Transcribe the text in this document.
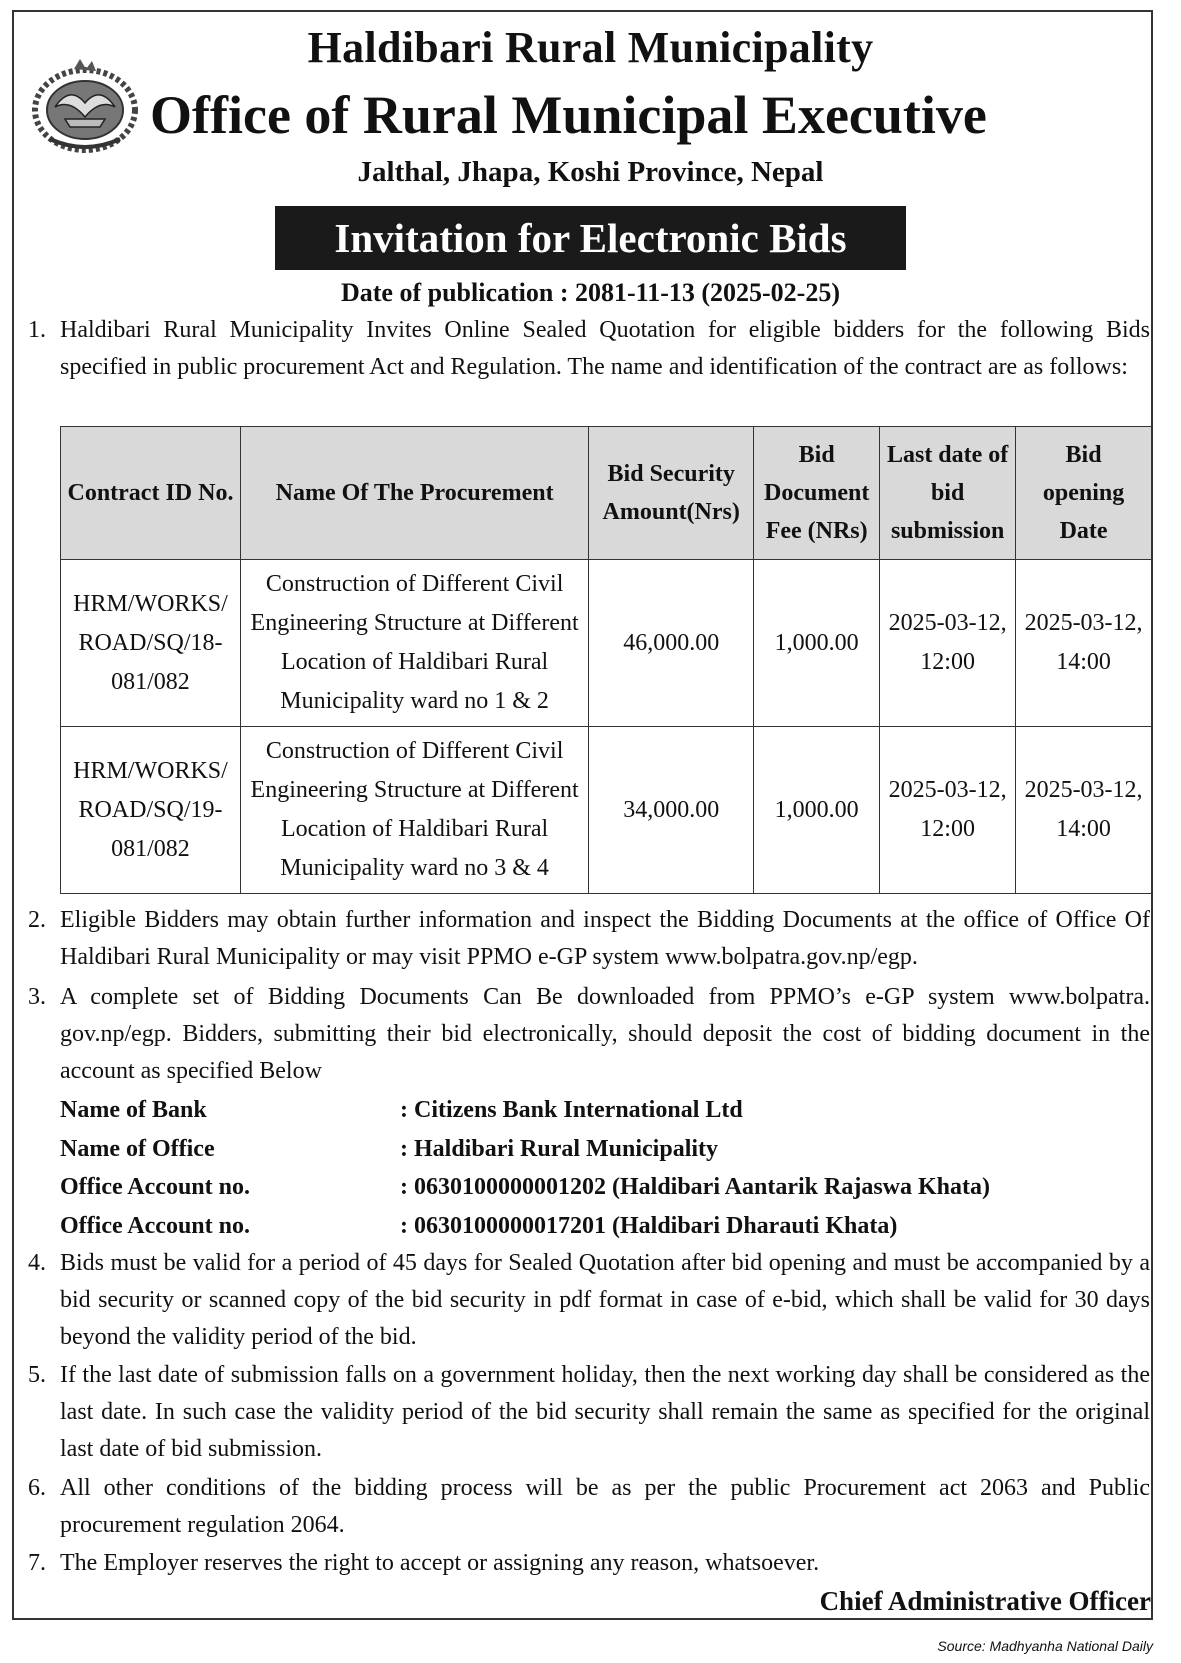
Haldibari Rural Municipality
Office of Rural Municipal Executive
Jalthal, Jhapa, Koshi Province, Nepal
Invitation for Electronic Bids
Date of publication : 2081-11-13 (2025-02-25)
1. Haldibari Rural Municipality Invites Online Sealed Quotation for eligible bidders for the following Bids specified in public procurement Act and Regulation. The name and identification of the contract are as follows:
Contract ID No.	Name Of The Procurement	Bid Security Amount(Nrs)	Bid Document Fee (NRs)	Last date of bid submission	Bid opening Date
HRM/WORKS/ ROAD/SQ/18- 081/082	Construction of Different Civil Engineering Structure at Different Location of Haldibari Rural Municipality ward no 1 & 2	46,000.00	1,000.00	2025-03-12, 12:00	2025-03-12, 14:00
HRM/WORKS/ ROAD/SQ/19- 081/082	Construction of Different Civil Engineering Structure at Different Location of Haldibari Rural Municipality ward no 3 & 4	34,000.00	1,000.00	2025-03-12, 12:00	2025-03-12, 14:00
2. Eligible Bidders may obtain further information and inspect the Bidding Documents at the office of Office Of Haldibari Rural Municipality or may visit PPMO e-GP system www.bolpatra.gov.np/egp.
3. A complete set of Bidding Documents Can Be downloaded from PPMO’s e-GP system www.bolpatra. gov.np/egp. Bidders, submitting their bid electronically, should deposit the cost of bidding document in the account as specified Below
Name of Bank	: Citizens Bank International Ltd
Name of Office	: Haldibari Rural Municipality
Office Account no.	: 0630100000001202 (Haldibari Aantarik Rajaswa Khata)
Office Account no.	: 0630100000017201 (Haldibari Dharauti Khata)
4. Bids must be valid for a period of 45 days for Sealed Quotation after bid opening and must be accompanied by a bid security or scanned copy of the bid security in pdf format in case of e-bid, which shall be valid for 30 days beyond the validity period of the bid.
5. If the last date of submission falls on a government holiday, then the next working day shall be considered as the last date. In such case the validity period of the bid security shall remain the same as specified for the original last date of bid submission.
6. All other conditions of the bidding process will be as per the public Procurement act 2063 and Public procurement regulation 2064.
7. The Employer reserves the right to accept or assigning any reason, whatsoever.
Chief Administrative Officer
Source: Madhyanha National Daily
